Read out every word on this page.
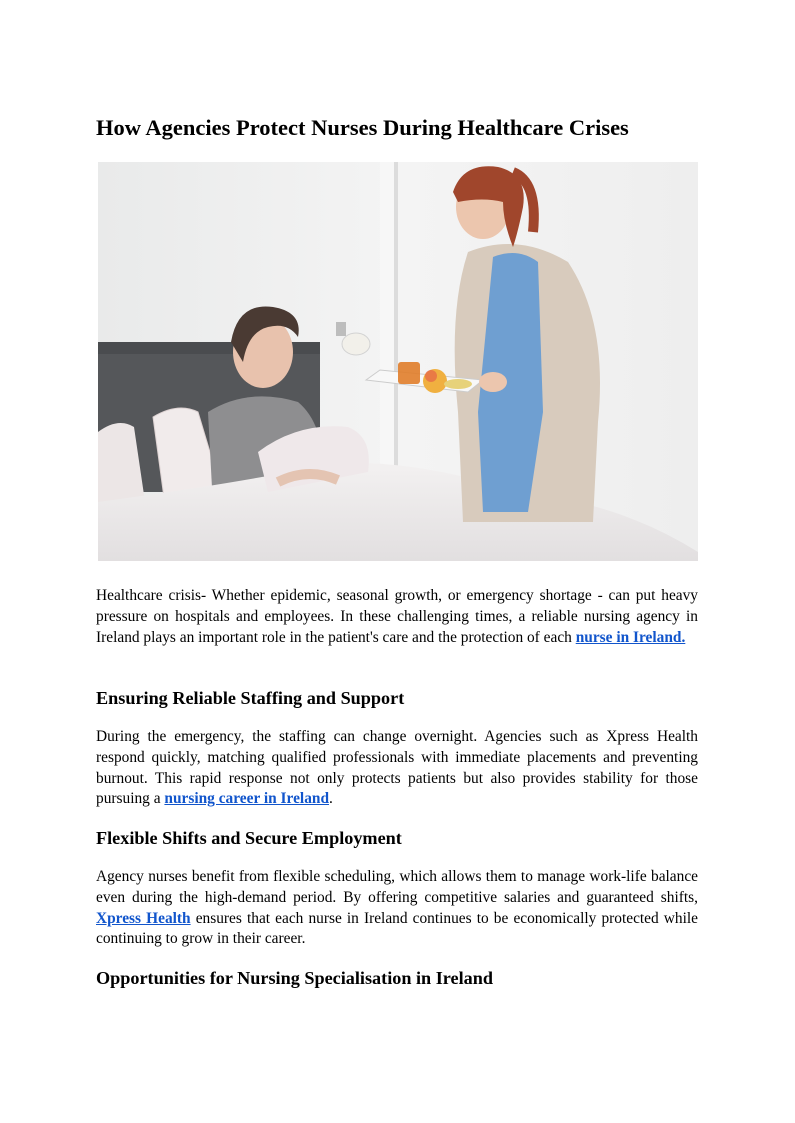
How Agencies Protect Nurses During Healthcare Crises

Healthcare crisis- Whether epidemic, seasonal growth, or emergency shortage - can put heavy pressure on hospitals and employees. In these challenging times, a reliable nursing agency in Ireland plays an important role in the patient's care and the protection of each nurse in Ireland.

Ensuring Reliable Staffing and Support

During the emergency, the staffing can change overnight. Agencies such as Xpress Health respond quickly, matching qualified professionals with immediate placements and preventing burnout. This rapid response not only protects patients but also provides stability for those pursuing a nursing career in Ireland.

Flexible Shifts and Secure Employment

Agency nurses benefit from flexible scheduling, which allows them to manage work-life balance even during the high-demand period. By offering competitive salaries and guaranteed shifts, Xpress Health ensures that each nurse in Ireland continues to be economically protected while continuing to grow in their career.

Opportunities for Nursing Specialisation in Ireland
